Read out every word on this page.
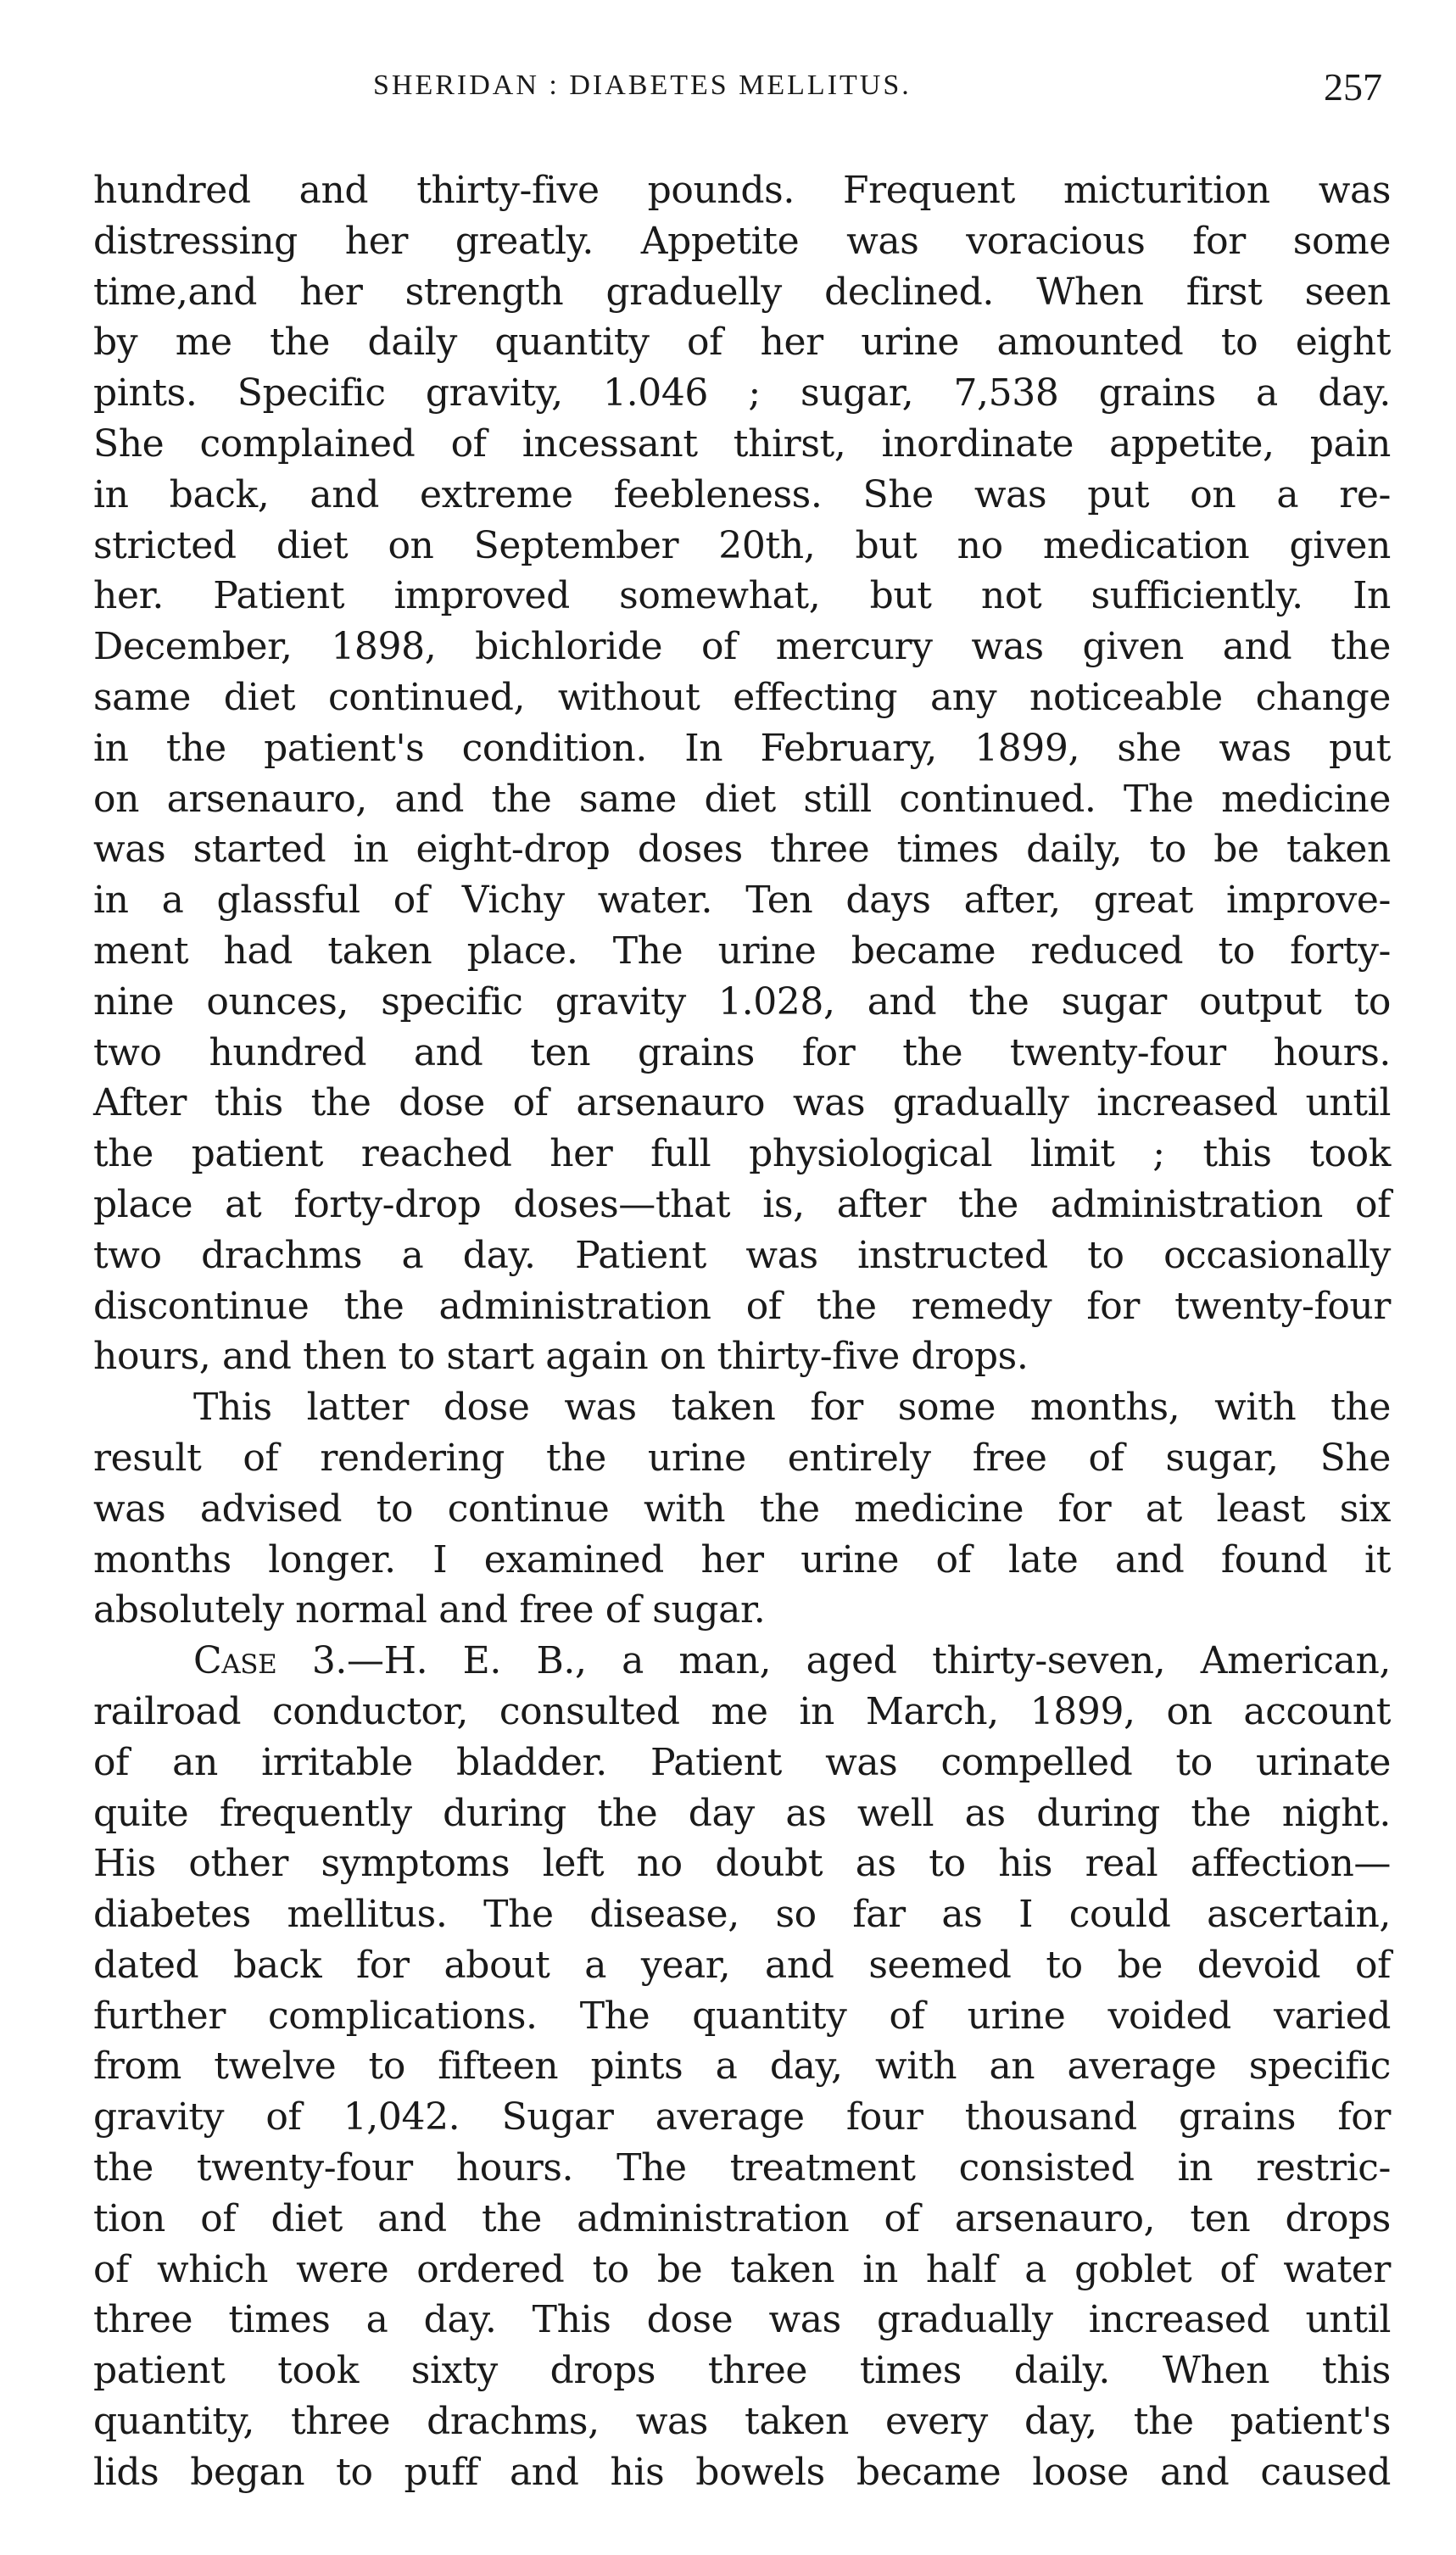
SHERIDAN : DIABETES MELLITUS.	257
hundred and thirty-five pounds. Frequent micturition was
distressing her greatly. Appetite was voracious for some
time,and her strength graduelly declined. When first seen
by me the daily quantity of her urine amounted to eight
pints. Specific gravity, 1.046 ; sugar, 7,538 grains a day.
She complained of incessant thirst, inordinate appetite, pain
in back, and extreme feebleness. She was put on a re-
stricted diet on September 20th, but no medication given
her. Patient improved somewhat, but not sufficiently. In
December, 1898, bichloride of mercury was given and the
same diet continued, without effecting any noticeable change
in the patient's condition. In February, 1899, she was put
on arsenauro, and the same diet still continued. The medicine
was started in eight-drop doses three times daily, to be taken
in a glassful of Vichy water. Ten days after, great improve-
ment had taken place. The urine became reduced to forty-
nine ounces, specific gravity 1.028, and the sugar output to
two hundred and ten grains for the twenty-four hours.
After this the dose of arsenauro was gradually increased until
the patient reached her full physiological limit ; this took
place at forty-drop doses—that is, after the administration of
two drachms a day. Patient was instructed to occasionally
discontinue the administration of the remedy for twenty-four
hours, and then to start again on thirty-five drops.
This latter dose was taken for some months, with the
result of rendering the urine entirely free of sugar, She
was advised to continue with the medicine for at least six
months longer. I examined her urine of late and found it
absolutely normal and free of sugar.
Case 3.—H. E. B., a man, aged thirty-seven, American,
railroad conductor, consulted me in March, 1899, on account
of an irritable bladder. Patient was compelled to urinate
quite frequently during the day as well as during the night.
His other symptoms left no doubt as to his real affection—
diabetes mellitus. The disease, so far as I could ascertain,
dated back for about a year, and seemed to be devoid of
further complications. The quantity of urine voided varied
from twelve to fifteen pints a day, with an average specific
gravity of 1,042. Sugar average four thousand grains for
the twenty-four hours. The treatment consisted in restric-
tion of diet and the administration of arsenauro, ten drops
of which were ordered to be taken in half a goblet of water
three times a day. This dose was gradually increased until
patient took sixty drops three times daily. When this
quantity, three drachms, was taken every day, the patient's
lids began to puff and his bowels became loose and caused
